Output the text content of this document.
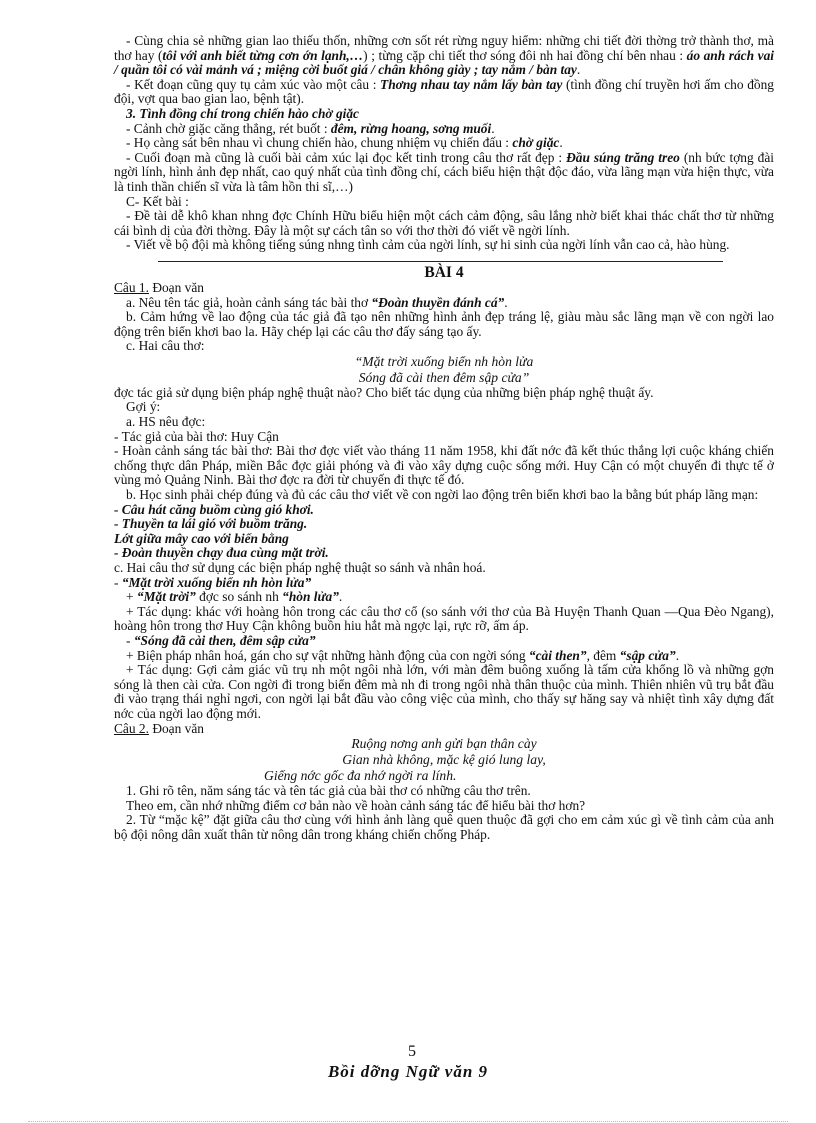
- Cùng chia sẻ những gian lao thiếu thốn, những cơn sốt rét rừng nguy hiểm: những chi tiết đời thờng trở thành thơ, mà thơ hay (tôi với anh biết từng cơn ớn lạnh,…) ; từng cặp chi tiết thơ sóng đôi nh hai đồng chí bên nhau : áo anh rách vai / quần tôi có vài mảnh vá ; miệng cời buốt giá / chân không giày ; tay nắm / bàn tay.

- Kết đoạn cũng quy tụ cảm xúc vào một câu : Thơng nhau tay nắm lấy bàn tay (tình đồng chí truyền hơi ấm cho đồng đội, vợt qua bao gian lao, bệnh tật).

3. Tình đồng chí trong chiến hào chờ giặc

- Cảnh chờ giặc căng thẳng, rét buốt : đêm, rừng hoang, sơng muối.

- Họ càng sát bên nhau vì chung chiến hào, chung nhiệm vụ chiến đấu : chờ giặc.

- Cuối đoạn mà cũng là cuối bài cảm xúc lại đọc kết tinh trong câu thơ rất đẹp : Đầu súng trăng treo (nh bức tợng đài ngời lính, hình ảnh đẹp nhất, cao quý nhất của tình đồng chí, cách biểu hiện thật độc đáo, vừa lãng mạn vừa hiện thực, vừa là tinh thần chiến sĩ vừa là tâm hồn thi sĩ,…)

C- Kết bài :

- Đề tài dễ khô khan nhng đợc Chính Hữu biểu hiện một cách cảm động, sâu lắng nhờ biết khai thác chất thơ từ những cái bình dị của đời thờng. Đây là một sự cách tân so với thơ thời đó viết về ngời lính.

- Viết về bộ đội mà không tiếng súng nhng tình cảm của ngời lính, sự hi sinh của ngời lính vẫn cao cả, hào hùng.

BÀI 4

Câu 1. Đoạn văn

a. Nêu tên tác giả, hoàn cảnh sáng tác bài thơ “Đoàn thuyền đánh cá”.

b. Cảm hứng về lao động của tác giả đã tạo nên những hình ảnh đẹp tráng lệ, giàu màu sắc lãng mạn về con ngời lao động trên biển khơi bao la. Hãy chép lại các câu thơ đấy sáng tạo ấy.

c. Hai câu thơ:

“Mặt trời xuống biển nh hòn lửa
Sóng đã cài then đêm sập cửa”

đợc tác giả sử dụng biện pháp nghệ thuật nào? Cho biết tác dụng của những biện pháp nghệ thuật ấy.

Gợi ý:

a. HS nêu đợc:

- Tác giả của bài thơ: Huy Cận

- Hoàn cảnh sáng tác bài thơ: Bài thơ đợc viết vào tháng 11 năm 1958, khi đất nớc đã kết thúc thắng lợi cuộc kháng chiến chống thực dân Pháp, miền Bắc đợc giải phóng và đi vào xây dựng cuộc sống mới. Huy Cận có một chuyến đi thực tế ở vùng mỏ Quảng Ninh. Bài thơ đợc ra đời từ chuyến đi thực tế đó.

b. Học sinh phải chép đúng và đủ các câu thơ viết về con ngời lao động trên biển khơi bao la bằng bút pháp lãng mạn:

- Câu hát căng buồm cùng gió khơi.

- Thuyền ta lái gió với buồm trăng.

Lớt giữa mây cao với biển bằng

- Đoàn thuyền chạy đua cùng mặt trời.

c. Hai câu thơ sử dụng các biện pháp nghệ thuật so sánh và nhân hoá.

- “Mặt trời xuống biển nh hòn lửa”

+ “Mặt trời” đợc so sánh nh “hòn lửa”.

+ Tác dụng: khác với hoàng hôn trong các câu thơ cổ (so sánh với thơ của Bà Huyện Thanh Quan —Qua Đèo Ngang), hoàng hôn trong thơ Huy Cận không buồn hiu hắt mà ngợc lại, rực rỡ, ấm áp.

- “Sóng đã cài then, đêm sập cửa”

+ Biện pháp nhân hoá, gán cho sự vật những hành động của con ngời sóng “cài then”, đêm “sập cửa”.

+ Tác dụng: Gợi cảm giác vũ trụ nh một ngôi nhà lớn, với màn đêm buông xuống là tấm cửa khổng lồ và những gợn sóng là then cài cửa. Con ngời đi trong biển đêm mà nh đi trong ngôi nhà thân thuộc của mình. Thiên nhiên vũ trụ bắt đầu đi vào trạng thái nghỉ ngơi, con ngời lại bắt đầu vào công việc của mình, cho thấy sự hăng say và nhiệt tình xây dựng đất nớc của ngời lao động mới.

Câu 2. Đoạn văn

Ruộng nơng anh gửi bạn thân cày
Gian nhà không, mặc kệ gió lung lay,
Giếng nớc gốc đa nhớ ngời ra lính.

1. Ghi rõ tên, năm sáng tác và tên tác giả của bài thơ có những câu thơ trên.

Theo em, cần nhớ những điểm cơ bản nào về hoàn cảnh sáng tác để hiểu bài thơ hơn?

2. Từ “mặc kệ” đặt giữa câu thơ cùng với hình ảnh làng quê quen thuộc đã gợi cho em cảm xúc gì về tình cảm của anh bộ đội nông dân xuất thân từ nông dân trong kháng chiến chống Pháp.

5
Bồi dỡng Ngữ văn 9
